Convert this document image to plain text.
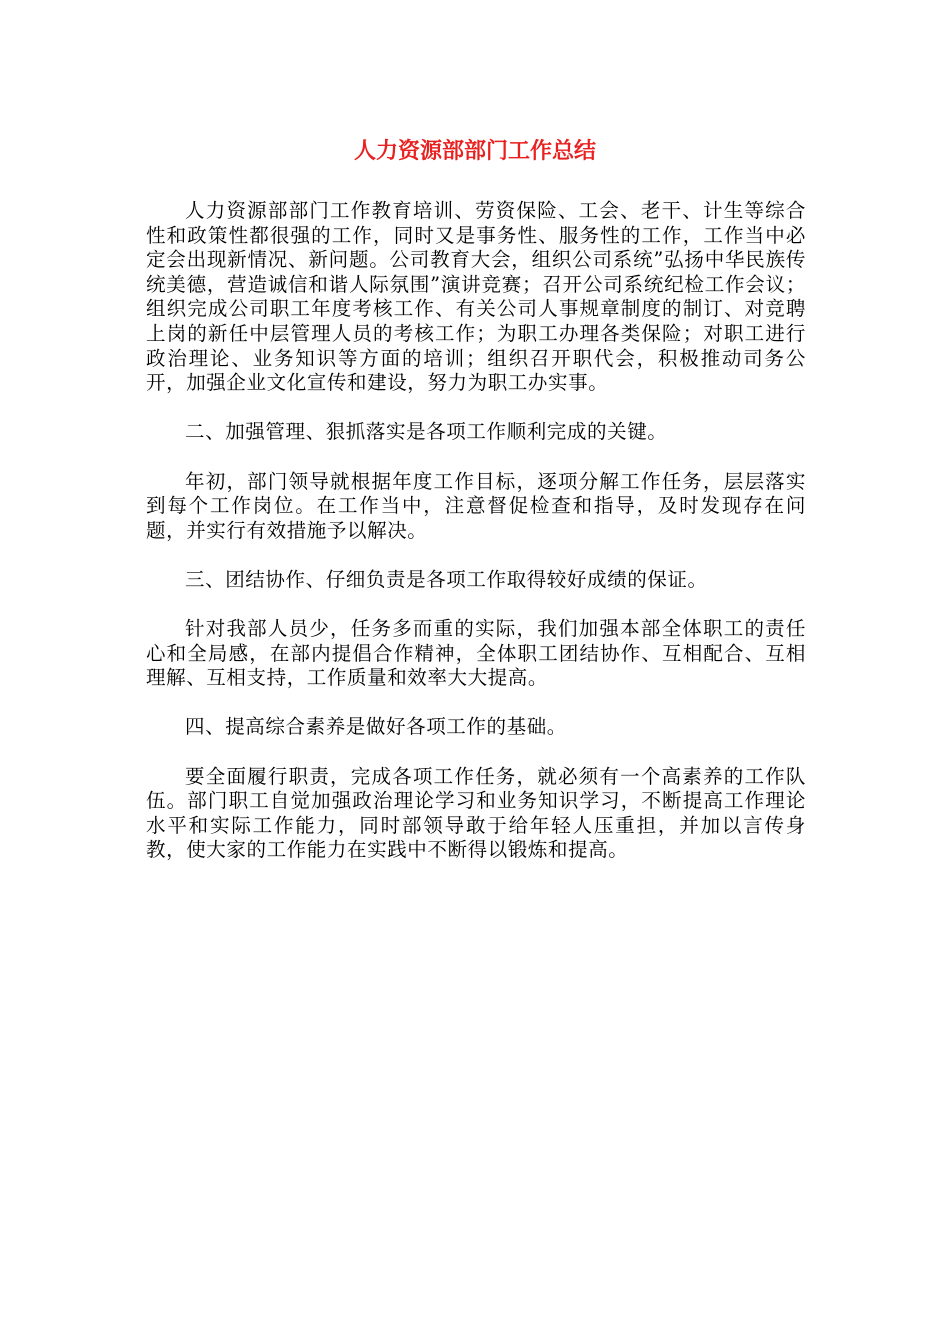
人力资源部部门工作总结

人力资源部部门工作教育培训、劳资保险、工会、老干、计生等综合性和政策性都很强的工作，同时又是事务性、服务性的工作，工作当中必定会出现新情况、新问题。公司教育大会，组织公司系统”弘扬中华民族传统美德，营造诚信和谐人际氛围”演讲竞赛；召开公司系统纪检工作会议；组织完成公司职工年度考核工作、有关公司人事规章制度的制订、对竞聘上岗的新任中层管理人员的考核工作；为职工办理各类保险；对职工进行政治理论、业务知识等方面的培训；组织召开职代会，积极推动司务公开，加强企业文化宣传和建设，努力为职工办实事。

二、加强管理、狠抓落实是各项工作顺利完成的关键。

年初，部门领导就根据年度工作目标，逐项分解工作任务，层层落实到每个工作岗位。在工作当中，注意督促检查和指导，及时发现存在问题，并实行有效措施予以解决。

三、团结协作、仔细负责是各项工作取得较好成绩的保证。

针对我部人员少，任务多而重的实际，我们加强本部全体职工的责任心和全局感，在部内提倡合作精神，全体职工团结协作、互相配合、互相理解、互相支持，工作质量和效率大大提高。

四、提高综合素养是做好各项工作的基础。

要全面履行职责，完成各项工作任务，就必须有一个高素养的工作队伍。部门职工自觉加强政治理论学习和业务知识学习，不断提高工作理论水平和实际工作能力，同时部领导敢于给年轻人压重担，并加以言传身教，使大家的工作能力在实践中不断得以锻炼和提高。
